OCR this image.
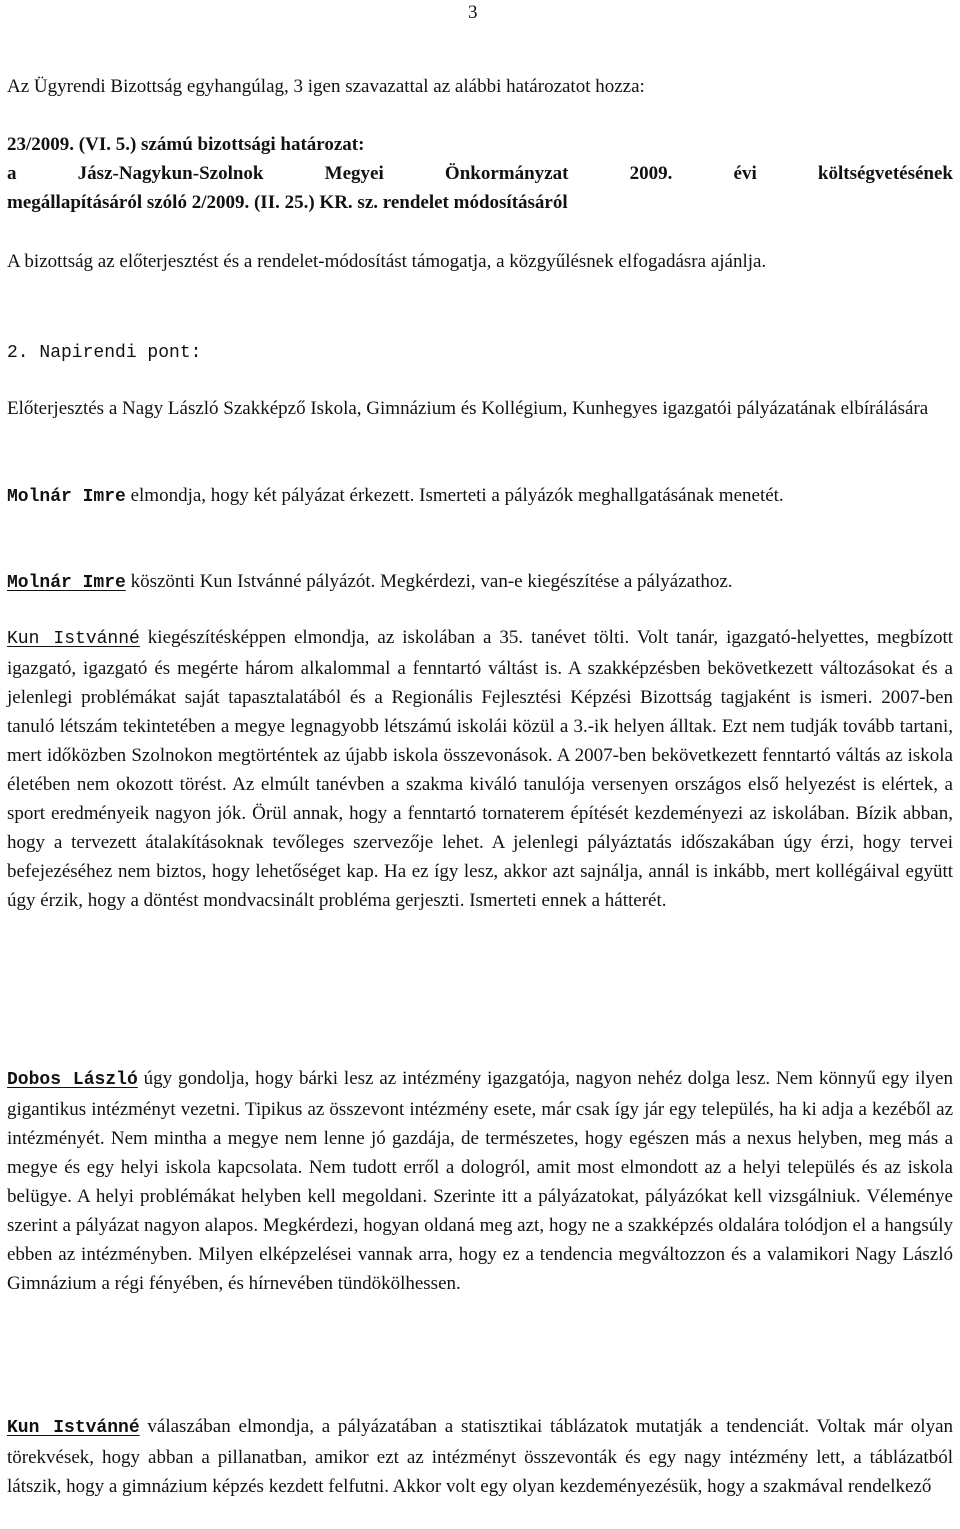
3

Az Ügyrendi Bizottság egyhangúlag, 3 igen szavazattal az alábbi határozatot hozza:

23/2009. (VI. 5.) számú bizottsági határozat:

a	Jász-Nagykun-Szolnok	Megyei	Önkormányzat	2009.	évi	költségvetésének

megállapításáról szóló 2/2009. (II. 25.) KR. sz. rendelet módosításáról

A bizottság az előterjesztést és a rendelet-módosítást támogatja, a közgyűlésnek elfogadásra ajánlja.

2. Napirendi pont:

Előterjesztés a Nagy László Szakképző Iskola, Gimnázium és Kollégium, Kunhegyes igazgatói pályázatának elbírálására

Molnár Imre elmondja, hogy két pályázat érkezett. Ismerteti a pályázók meghallgatásának menetét.

Molnár Imre köszönti Kun Istvánné pályázót. Megkérdezi, van-e kiegészítése a pályázathoz.

Kun Istvánné kiegészítésképpen elmondja, az iskolában a 35. tanévet tölti. Volt tanár, igazgató-helyettes, megbízott igazgató, igazgató és megérte három alkalommal a fenntartó váltást is. A szakképzésben bekövetkezett változásokat és a jelenlegi problémákat saját tapasztalatából és a Regionális Fejlesztési Képzési Bizottság tagjaként is ismeri. 2007-ben tanuló létszám tekintetében a megye legnagyobb létszámú iskolái közül a 3.-ik helyen álltak. Ezt nem tudják tovább tartani, mert időközben Szolnokon megtörténtek az újabb iskola összevonások. A 2007-ben bekövetkezett fenntartó váltás az iskola életében nem okozott törést. Az elmúlt tanévben a szakma kiváló tanulója versenyen országos első helyezést is elértek, a sport eredményeik nagyon jók. Örül annak, hogy a fenntartó tornaterem építését kezdeményezi az iskolában. Bízik abban, hogy a tervezett átalakításoknak tevőleges szervezője lehet. A jelenlegi pályáztatás időszakában úgy érzi, hogy tervei befejezéséhez nem biztos, hogy lehetőséget kap. Ha ez így lesz, akkor azt sajnálja, annál is inkább, mert kollégáival együtt úgy érzik, hogy a döntést mondvacsinált probléma gerjeszti. Ismerteti ennek a hátterét.

Dobos László úgy gondolja, hogy bárki lesz az intézmény igazgatója, nagyon nehéz dolga lesz. Nem könnyű egy ilyen gigantikus intézményt vezetni. Tipikus az összevont intézmény esete, már csak így jár egy település, ha ki adja a kezéből az intézményét. Nem mintha a megye nem lenne jó gazdája, de természetes, hogy egészen más a nexus helyben, meg más a megye és egy helyi iskola kapcsolata. Nem tudott erről a dologról, amit most elmondott az a helyi település és az iskola belügye. A helyi problémákat helyben kell megoldani. Szerinte itt a pályázatokat, pályázókat kell vizsgálniuk. Véleménye szerint a pályázat nagyon alapos. Megkérdezi, hogyan oldaná meg azt, hogy ne a szakképzés oldalára tolódjon el a hangsúly ebben az intézményben. Milyen elképzelései vannak arra, hogy ez a tendencia megváltozzon és a valamikori Nagy László Gimnázium a régi fényében, és hírnevében tündökölhessen.

Kun Istvánné válaszában elmondja, a pályázatában a statisztikai táblázatok mutatják a tendenciát. Voltak már olyan törekvések, hogy abban a pillanatban, amikor ezt az intézményt összevonták és egy nagy intézmény lett, a táblázatból látszik, hogy a gimnázium képzés kezdett felfutni. Akkor volt egy olyan kezdeményezésük, hogy a szakmával rendelkező
